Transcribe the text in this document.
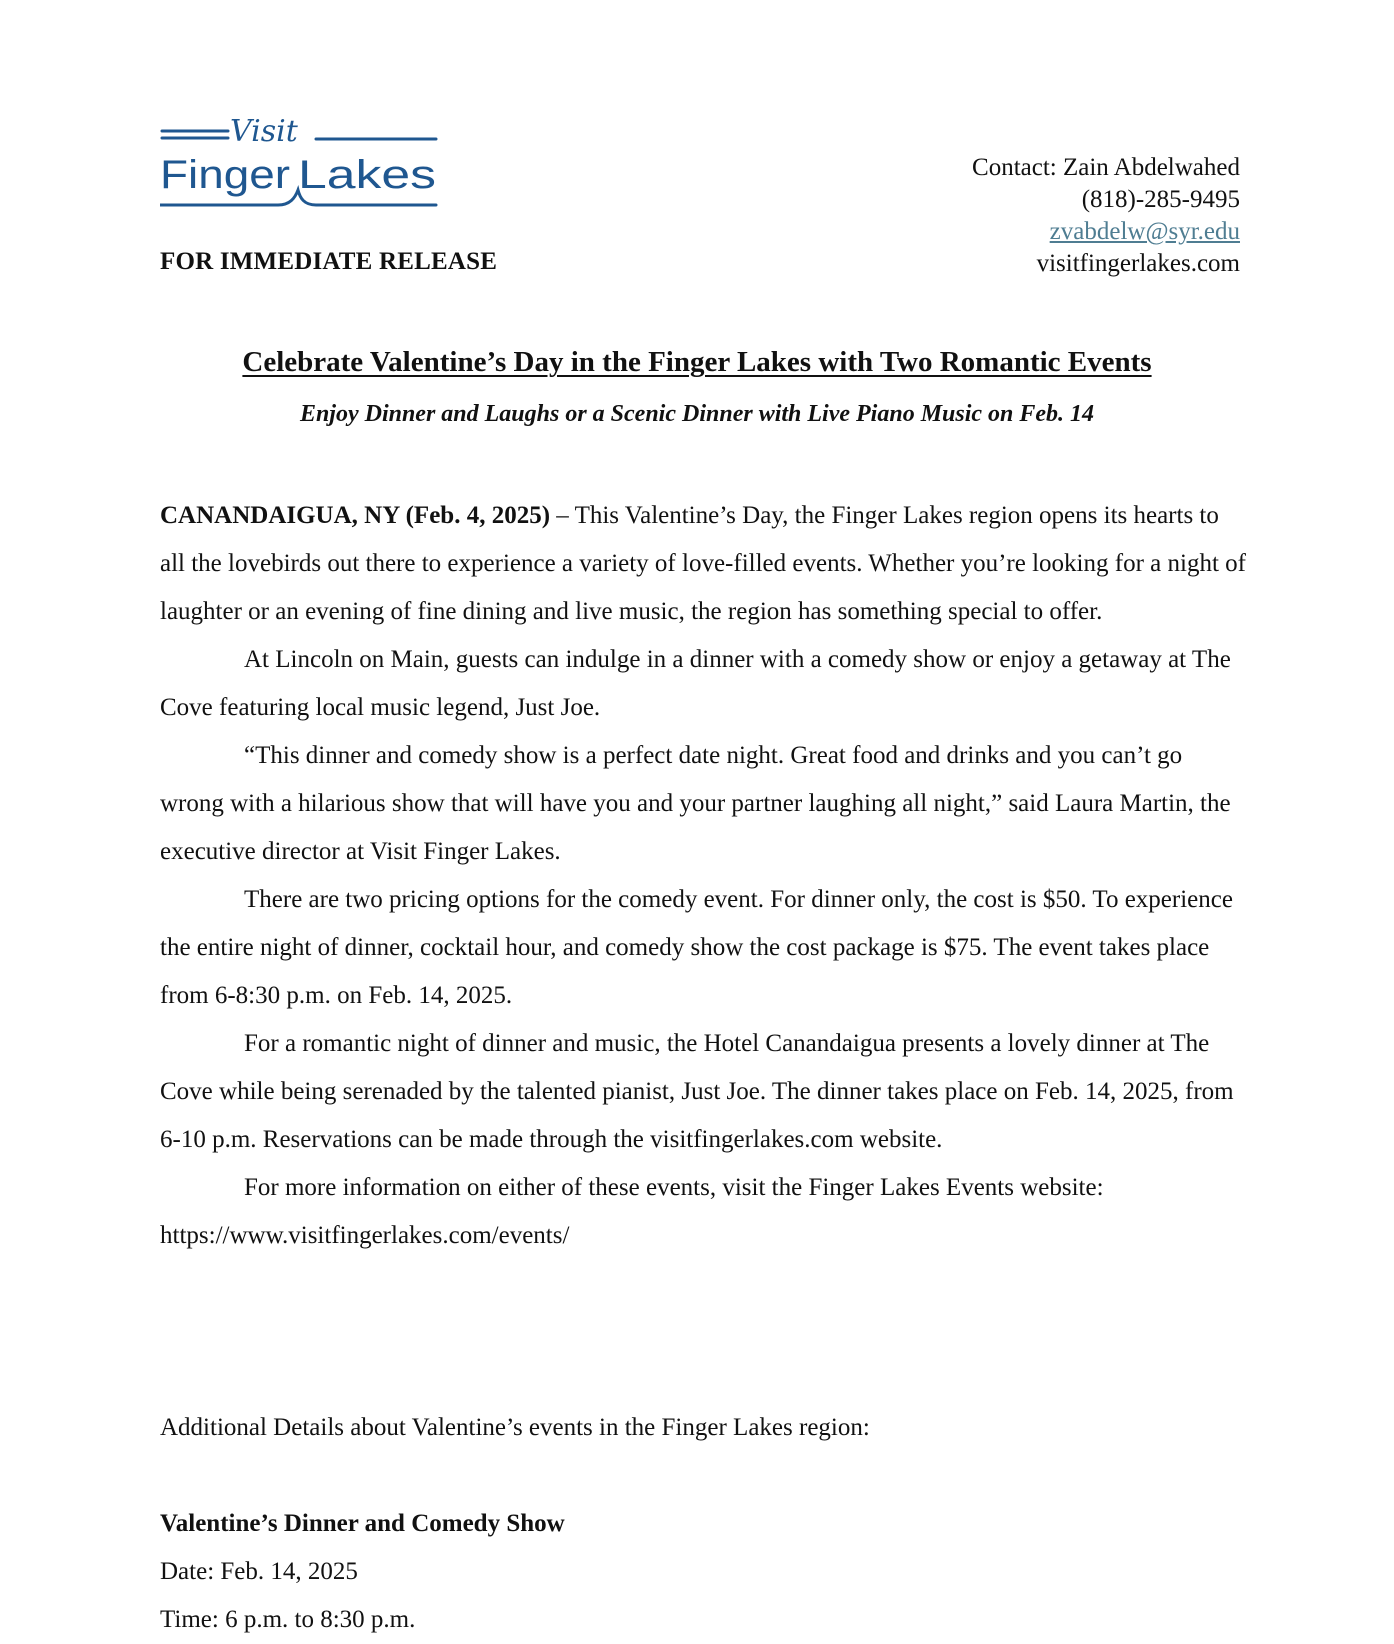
Visit
Finger Lakes
FOR IMMEDIATE RELEASE
Contact: Zain Abdelwahed
(818)-285-9495
zvabdelw@syr.edu
visitfingerlakes.com
Celebrate Valentine’s Day in the Finger Lakes with Two Romantic Events
Enjoy Dinner and Laughs or a Scenic Dinner with Live Piano Music on Feb. 14

CANANDAIGUA, NY (Feb. 4, 2025) – This Valentine’s Day, the Finger Lakes region opens its hearts to all the lovebirds out there to experience a variety of love-filled events. Whether you’re looking for a night of laughter or an evening of fine dining and live music, the region has something special to offer.

At Lincoln on Main, guests can indulge in a dinner with a comedy show or enjoy a getaway at The Cove featuring local music legend, Just Joe.

“This dinner and comedy show is a perfect date night. Great food and drinks and you can’t go wrong with a hilarious show that will have you and your partner laughing all night,” said Laura Martin, the executive director at Visit Finger Lakes.

There are two pricing options for the comedy event. For dinner only, the cost is $50. To experience the entire night of dinner, cocktail hour, and comedy show the cost package is $75. The event takes place from 6-8:30 p.m. on Feb. 14, 2025.

For a romantic night of dinner and music, the Hotel Canandaigua presents a lovely dinner at The Cove while being serenaded by the talented pianist, Just Joe. The dinner takes place on Feb. 14, 2025, from 6-10 p.m. Reservations can be made through the visitfingerlakes.com website.

For more information on either of these events, visit the Finger Lakes Events website: https://www.visitfingerlakes.com/events/

Additional Details about Valentine’s events in the Finger Lakes region:
Valentine’s Dinner and Comedy Show
Date: Feb. 14, 2025
Time: 6 p.m. to 8:30 p.m.
